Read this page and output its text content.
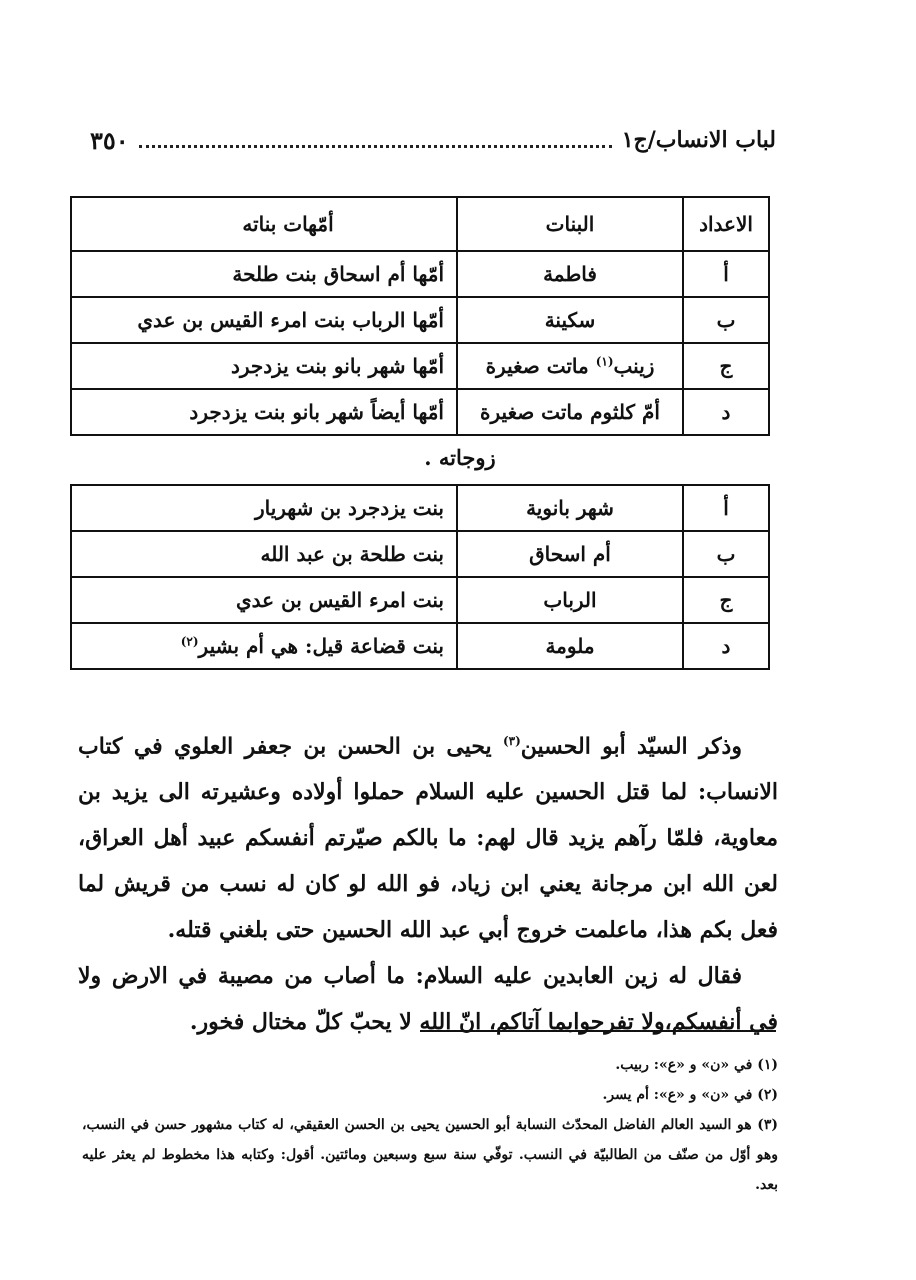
لباب الانساب/ج١
٣٥٠
الاعداد	البنات	أمّهات بناته
أ	فاطمة	أمّها أم اسحاق بنت طلحة
ب	سكينة	أمّها الرباب بنت امرء القيس بن عدي
ج	زينب$^{(١)}$ ماتت صغيرة	أمّها شهر بانو بنت يزدجرد
د	أمّ كلثوم ماتت صغيرة	أمّها أيضاً شهر بانو بنت يزدجرد
زوجاته .
أ	شهر بانوية	بنت يزدجرد بن شهريار
ب	أم اسحاق	بنت طلحة بن عبد الله
ج	الرباب	بنت امرء القيس بن عدي
د	ملومة	بنت قضاعة قيل: هي أم بشير$^{(٢)}$

وذكر السيّد أبو الحسين$^{(٣)}$ يحيى بن الحسن بن جعفر العلوي في كتاب الانساب: لما قتل الحسين عليه السلام حملوا أولاده وعشيرته الى يزيد بن معاوية، فلمّا رآهم يزيد قال لهم: ما بالكم صيّرتم أنفسكم عبيد أهل العراق، لعن الله ابن مرجانة يعني ابن زياد، فو الله لو كان له نسب من قريش لما فعل بكم هذا، ماعلمت خروج أبي عبد الله الحسين حتى بلغني قتله.

فقال له زين العابدين عليه السلام: ما أصاب من مصيبة في الارض ولا في أنفسكم،ولا تفرحوابما آتاكم، انّ الله لا يحبّ كلّ مختال فخور.

(١) في «ن» و «ع»: ربيب.

(٢) في «ن» و «ع»: أم يسر.

(٣) هو السيد العالم الفاضل المحدّث النسابة أبو الحسين يحيى بن الحسن العقيقي، له كتاب مشهور حسن في النسب، وهو أوّل من صنّف من الطالبيّة في النسب. توفّي سنة سبع وسبعين ومائتين. أقول: وكتابه هذا مخطوط لم يعثر عليه بعد.
